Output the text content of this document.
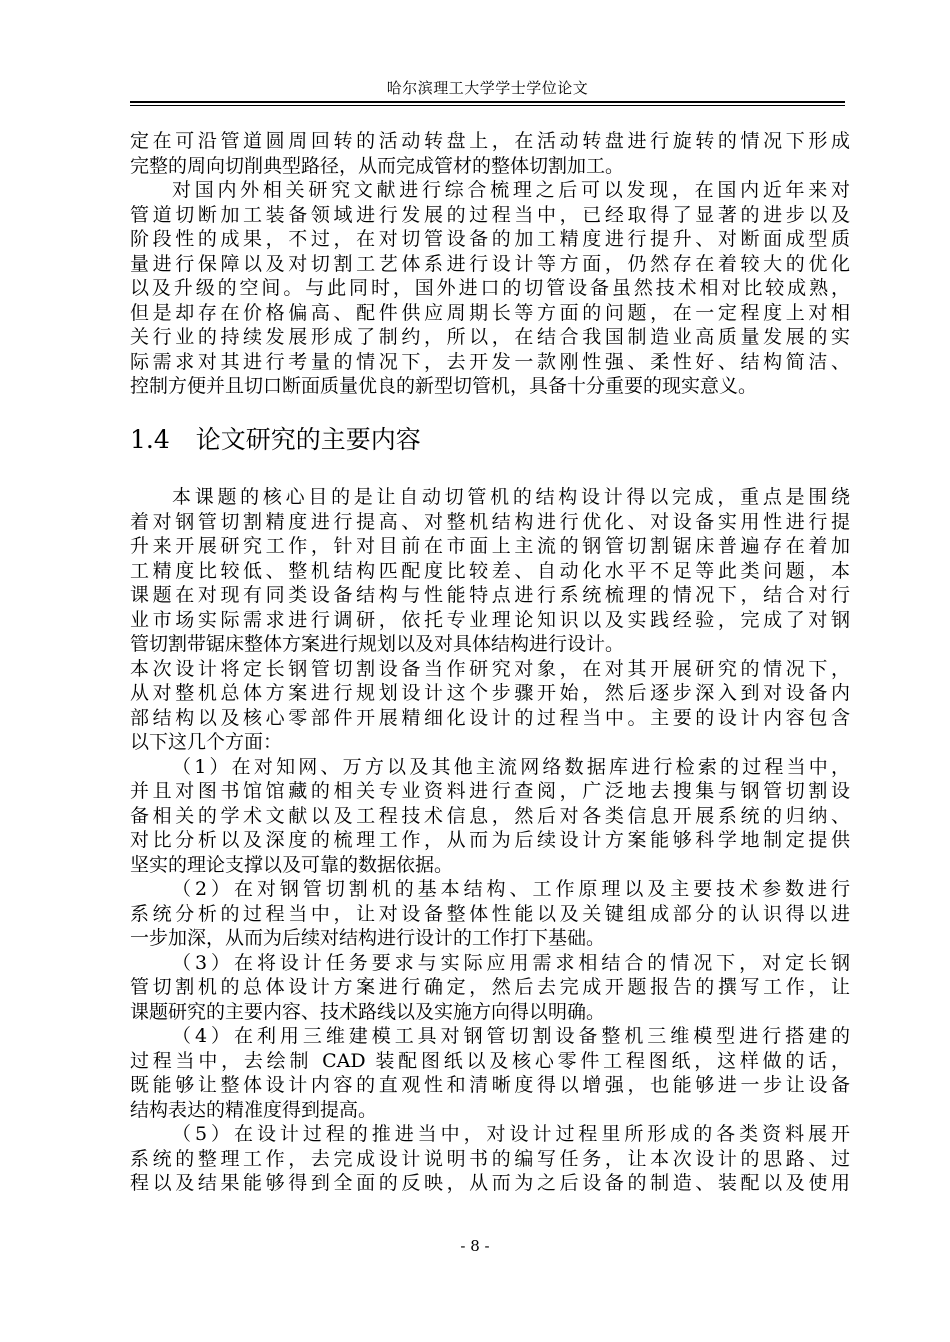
哈尔滨理工大学学士学位论文
定在可沿管道圆周回转的活动转盘上，在活动转盘进行旋转的情况下形成
完整的周向切削典型路径，从而完成管材的整体切割加工。
对国内外相关研究文献进行综合梳理之后可以发现，在国内近年来对
管道切断加工装备领域进行发展的过程当中，已经取得了显著的进步以及
阶段性的成果，不过，在对切管设备的加工精度进行提升、对断面成型质
量进行保障以及对切割工艺体系进行设计等方面，仍然存在着较大的优化
以及升级的空间。与此同时，国外进口的切管设备虽然技术相对比较成熟，
但是却存在价格偏高、配件供应周期长等方面的问题，在一定程度上对相
关行业的持续发展形成了制约，所以，在结合我国制造业高质量发展的实
际需求对其进行考量的情况下，去开发一款刚性强、柔性好、结构简洁、
控制方便并且切口断面质量优良的新型切管机，具备十分重要的现实意义。
1.4 论文研究的主要内容
本课题的核心目的是让自动切管机的结构设计得以完成，重点是围绕
着对钢管切割精度进行提高、对整机结构进行优化、对设备实用性进行提
升来开展研究工作，针对目前在市面上主流的钢管切割锯床普遍存在着加
工精度比较低、整机结构匹配度比较差、自动化水平不足等此类问题，本
课题在对现有同类设备结构与性能特点进行系统梳理的情况下，结合对行
业市场实际需求进行调研，依托专业理论知识以及实践经验，完成了对钢
管切割带锯床整体方案进行规划以及对具体结构进行设计。
本次设计将定长钢管切割设备当作研究对象，在对其开展研究的情况下，
从对整机总体方案进行规划设计这个步骤开始，然后逐步深入到对设备内
部结构以及核心零部件开展精细化设计的过程当中。主要的设计内容包含
以下这几个方面：
（1）在对知网、万方以及其他主流网络数据库进行检索的过程当中，
并且对图书馆馆藏的相关专业资料进行查阅，广泛地去搜集与钢管切割设
备相关的学术文献以及工程技术信息，然后对各类信息开展系统的归纳、
对比分析以及深度的梳理工作，从而为后续设计方案能够科学地制定提供
坚实的理论支撑以及可靠的数据依据。
（2）在对钢管切割机的基本结构、工作原理以及主要技术参数进行
系统分析的过程当中，让对设备整体性能以及关键组成部分的认识得以进
一步加深，从而为后续对结构进行设计的工作打下基础。
（3）在将设计任务要求与实际应用需求相结合的情况下，对定长钢
管切割机的总体设计方案进行确定，然后去完成开题报告的撰写工作，让
课题研究的主要内容、技术路线以及实施方向得以明确。
（4）在利用三维建模工具对钢管切割设备整机三维模型进行搭建的
过程当中，去绘制 CAD 装配图纸以及核心零件工程图纸，这样做的话，
既能够让整体设计内容的直观性和清晰度得以增强，也能够进一步让设备
结构表达的精准度得到提高。
（5）在设计过程的推进当中，对设计过程里所形成的各类资料展开
系统的整理工作，去完成设计说明书的编写任务，让本次设计的思路、过
程以及结果能够得到全面的反映，从而为之后设备的制造、装配以及使用
- 8 -
